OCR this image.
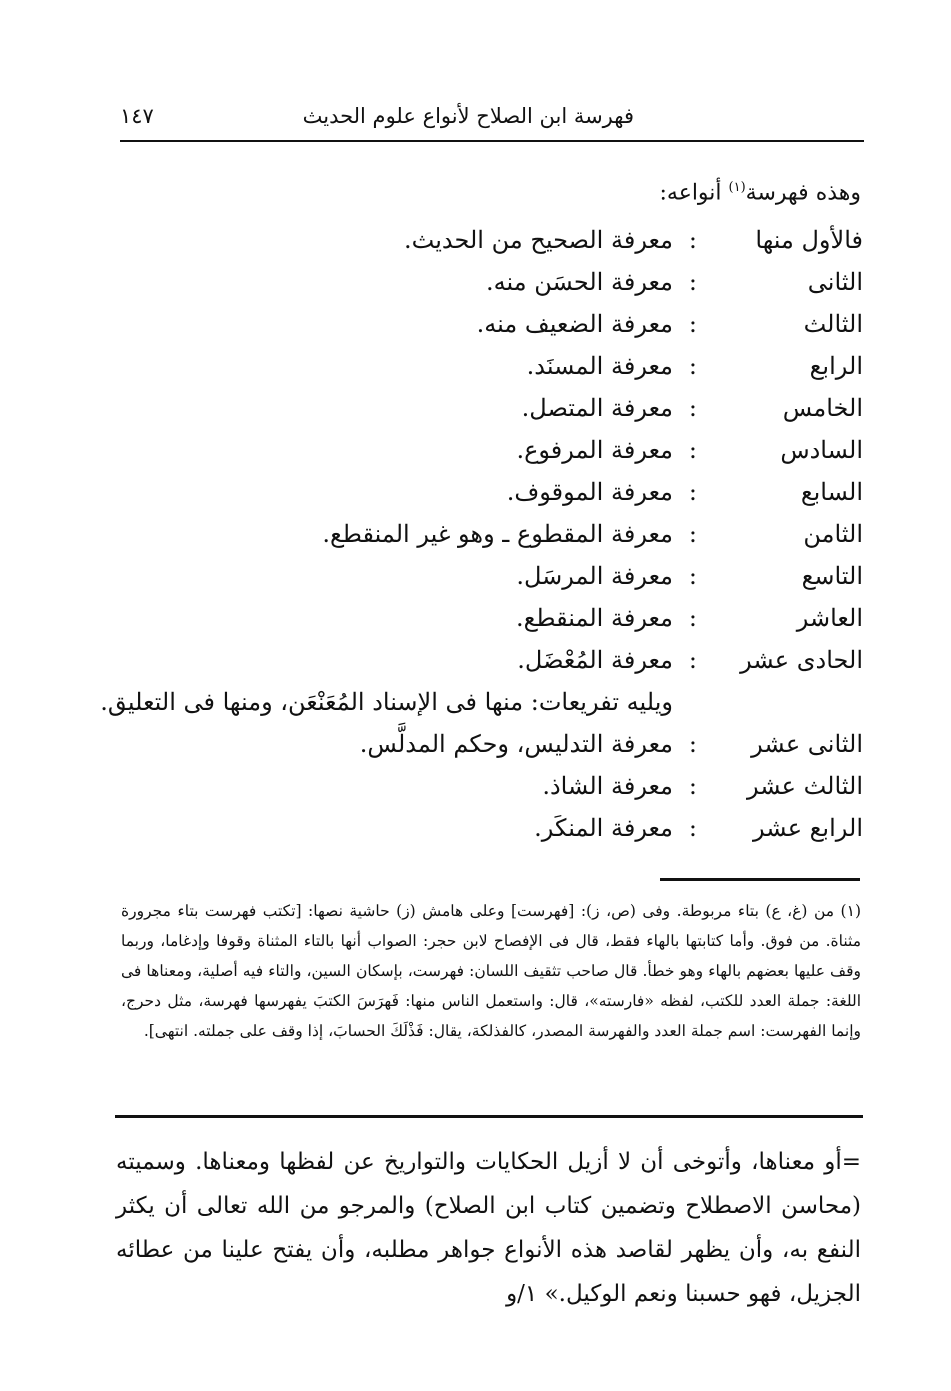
فهرسة ابن الصلاح لأنواع علوم الحديث
١٤٧
وهذه فهرسة$^{(١)}$ أنواعه:
فالأول منها
:
معرفة الصحيح من الحديث.
الثانى
:
معرفة الحسَن منه.
الثالث
:
معرفة الضعيف منه.
الرابع
:
معرفة المسنَد.
الخامس
:
معرفة المتصل.
السادس
:
معرفة المرفوع.
السابع
:
معرفة الموقوف.
الثامن
:
معرفة المقطوع ـ وهو غير المنقطع.
التاسع
:
معرفة المرسَل.
العاشر
:
معرفة المنقطع.
الحادى عشر
:
معرفة المُعْضَل.
ويليه تفريعات: منها فى الإسناد المُعَنْعَن، ومنها فى التعليق.
الثانى عشر
:
معرفة التدليس، وحكم المدلَّس.
الثالث عشر
:
معرفة الشاذ.
الرابع عشر
:
معرفة المنكَر.

(١) من (غ، ع) بتاء مربوطة. وفى (ص، ز): [فهرست] وعلى هامش (ز) حاشية نصها: [تكتب فهرست بتاء مجرورة مثناة. من فوق. وأما كتابتها بالهاء فقط، قال فى الإفصاح لابن حجر: الصواب أنها بالتاء المثناة وقوفا وإدغاما، وربما وقف عليها بعضهم بالهاء وهو خطأ. قال صاحب تثقيف اللسان: فهرست، بإسكان السين، والتاء فيه أصلية، ومعناها فى اللغة: جملة العدد للكتب، لفظه «فارسته»، قال: واستعمل الناس منها: فَهرَسَ الكتبَ يفهرسها فهرسة، مثل دحرج، وإنما الفهرست: اسم جملة العدد والفهرسة المصدر، كالفذلكة، يقال: فَذْلَكَ الحسابَ، إذا وقف على جملته. انتهى].

=أو معناها، وأتوخى أن لا أزيل الحكايات والتواريخ عن لفظها ومعناها. وسميته (محاسن الاصطلاح وتضمين كتاب ابن الصلاح) والمرجو من الله تعالى أن يكثر النفع به، وأن يظهر لقاصد هذه الأنواع جواهر مطلبه، وأن يفتح علينا من عطائه الجزيل، فهو حسبنا ونعم الوكيل.» ١/و
